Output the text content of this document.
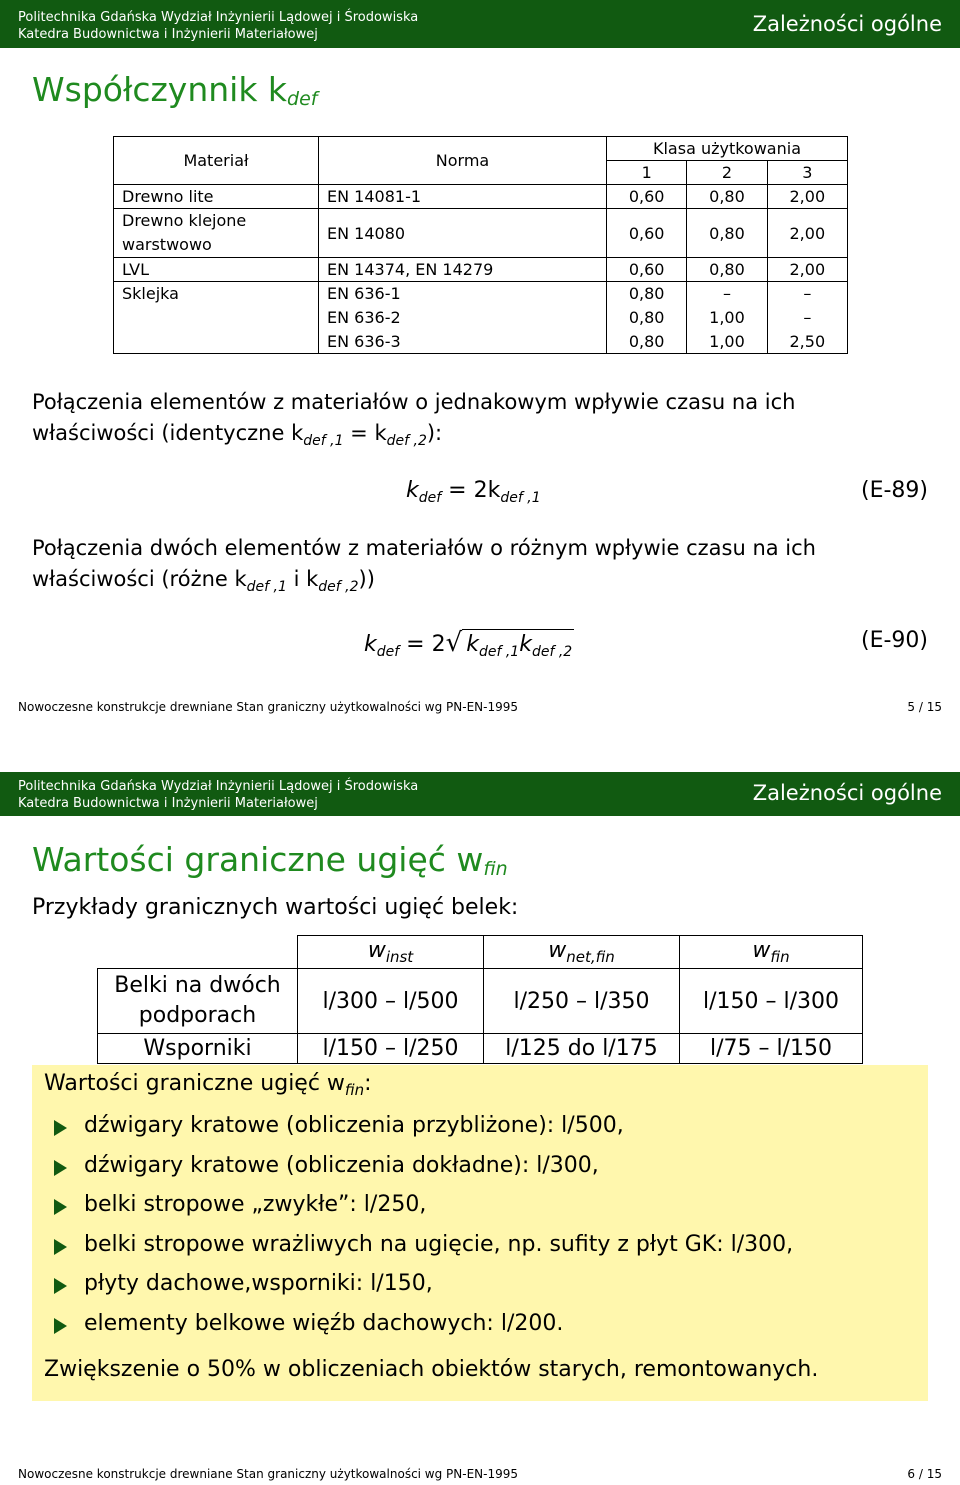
Politechnika Gdańska Wydział Inżynierii Lądowej i Środowiska
Katedra Budownictwa i Inżynierii Materiałowej	Zależności ogólne
Współczynnik $k_{def}$
Materiał	Norma	Klasa użytkowania		
		1	2	3
Drewno lite	EN 14081-1	0,60	0,80	2,00

Drewno klejone
warstwowo	EN 14080	0,60	0,80	2,00
LVL	EN 14374, EN 14279	0,60	0,80	2,00
Sklejka	EN 636-1	0,80	–	–
	EN 636-2	0,80	1,00	–
	EN 636-3	0,80	1,00	2,50
Połączenia elementów z materiałów o jednakowym wpływie czasu na ich
właściwości (identyczne $k_{def ,1} = k_{def ,2}$):
$k_{def} = 2k_{def ,1}$	(E-89)
Połączenia dwóch elementów z materiałów o różnym wpływie czasu na ich
właściwości (różne $k_{def ,1}$ i $k_{def ,2}$))
$k_{def} = 2√$ $k_{def ,1}k_{def ,2}$	(E-90)
Nowoczesne konstrukcje drewniane Stan graniczny użytkowalności wg PN-EN-1995	5 / 15
Politechnika Gdańska Wydział Inżynierii Lądowej i Środowiska
Katedra Budownictwa i Inżynierii Materiałowej	Zależności ogólne
Wartości graniczne ugięć $w_{fin}$
Przykłady granicznych wartości ugięć belek:
	$w_{inst}$	$w_{net,fin}$	$w_{fin}$

Belki na dwóch
podporach	l/300 – l/500	l/250 – l/350	l/150 – l/300
Wsporniki	l/150 – l/250	l/125 do l/175	l/75 – l/150
Wartości graniczne ugięć $w_{fin}$:
dźwigary kratowe (obliczenia przybliżone): l/500,
dźwigary kratowe (obliczenia dokładne): l/300,
belki stropowe „zwykłe”: l/250,
belki stropowe wrażliwych na ugięcie, np. sufity z płyt GK: l/300,
płyty dachowe,wsporniki: l/150,
elementy belkowe więźb dachowych: l/200.
Zwiększenie o 50% w obliczeniach obiektów starych, remontowanych.
Nowoczesne konstrukcje drewniane Stan graniczny użytkowalności wg PN-EN-1995	6 / 15
